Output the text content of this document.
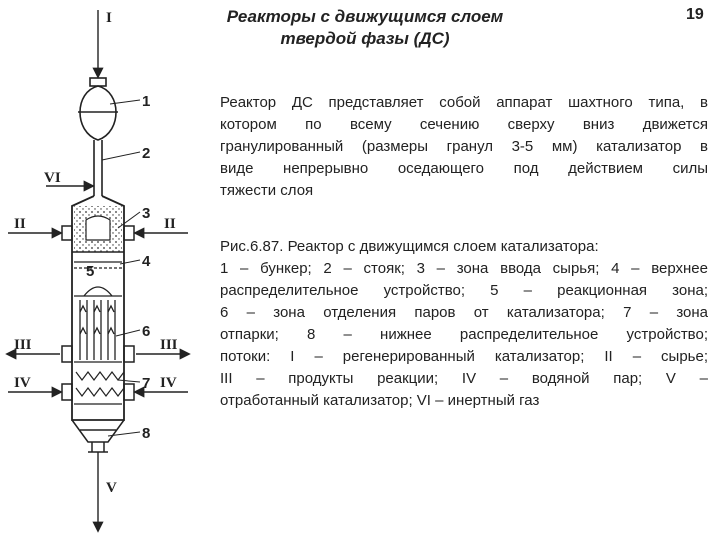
I
VI
V
II	II
III	III
IV	IV
1
2
3
4
5
6
7
8
Реакторы с движущимся слоем
твердой фазы (ДС)
19
Реактор ДС представляет собой аппарат шахтного типа, в
котором по всему сечению сверху вниз движется
гранулированный (размеры гранул 3-5 мм) катализатор в
виде непрерывно оседающего под действием силы
тяжести слоя
Рис.6.87. Реактор с движущимся слоем катализатора:
1 – бункер; 2 – стояк; 3 – зона ввода сырья; 4 – верхнее
распределительное устройство; 5 – реакционная зона;
6 – зона отделения паров от катализатора; 7 – зона
отпарки; 8 – нижнее распределительное устройство;
потоки: I – регенерированный катализатор; II – сырье;
III – продукты реакции; IV – водяной пар; V –
отработанный катализатор; VI – инертный газ
